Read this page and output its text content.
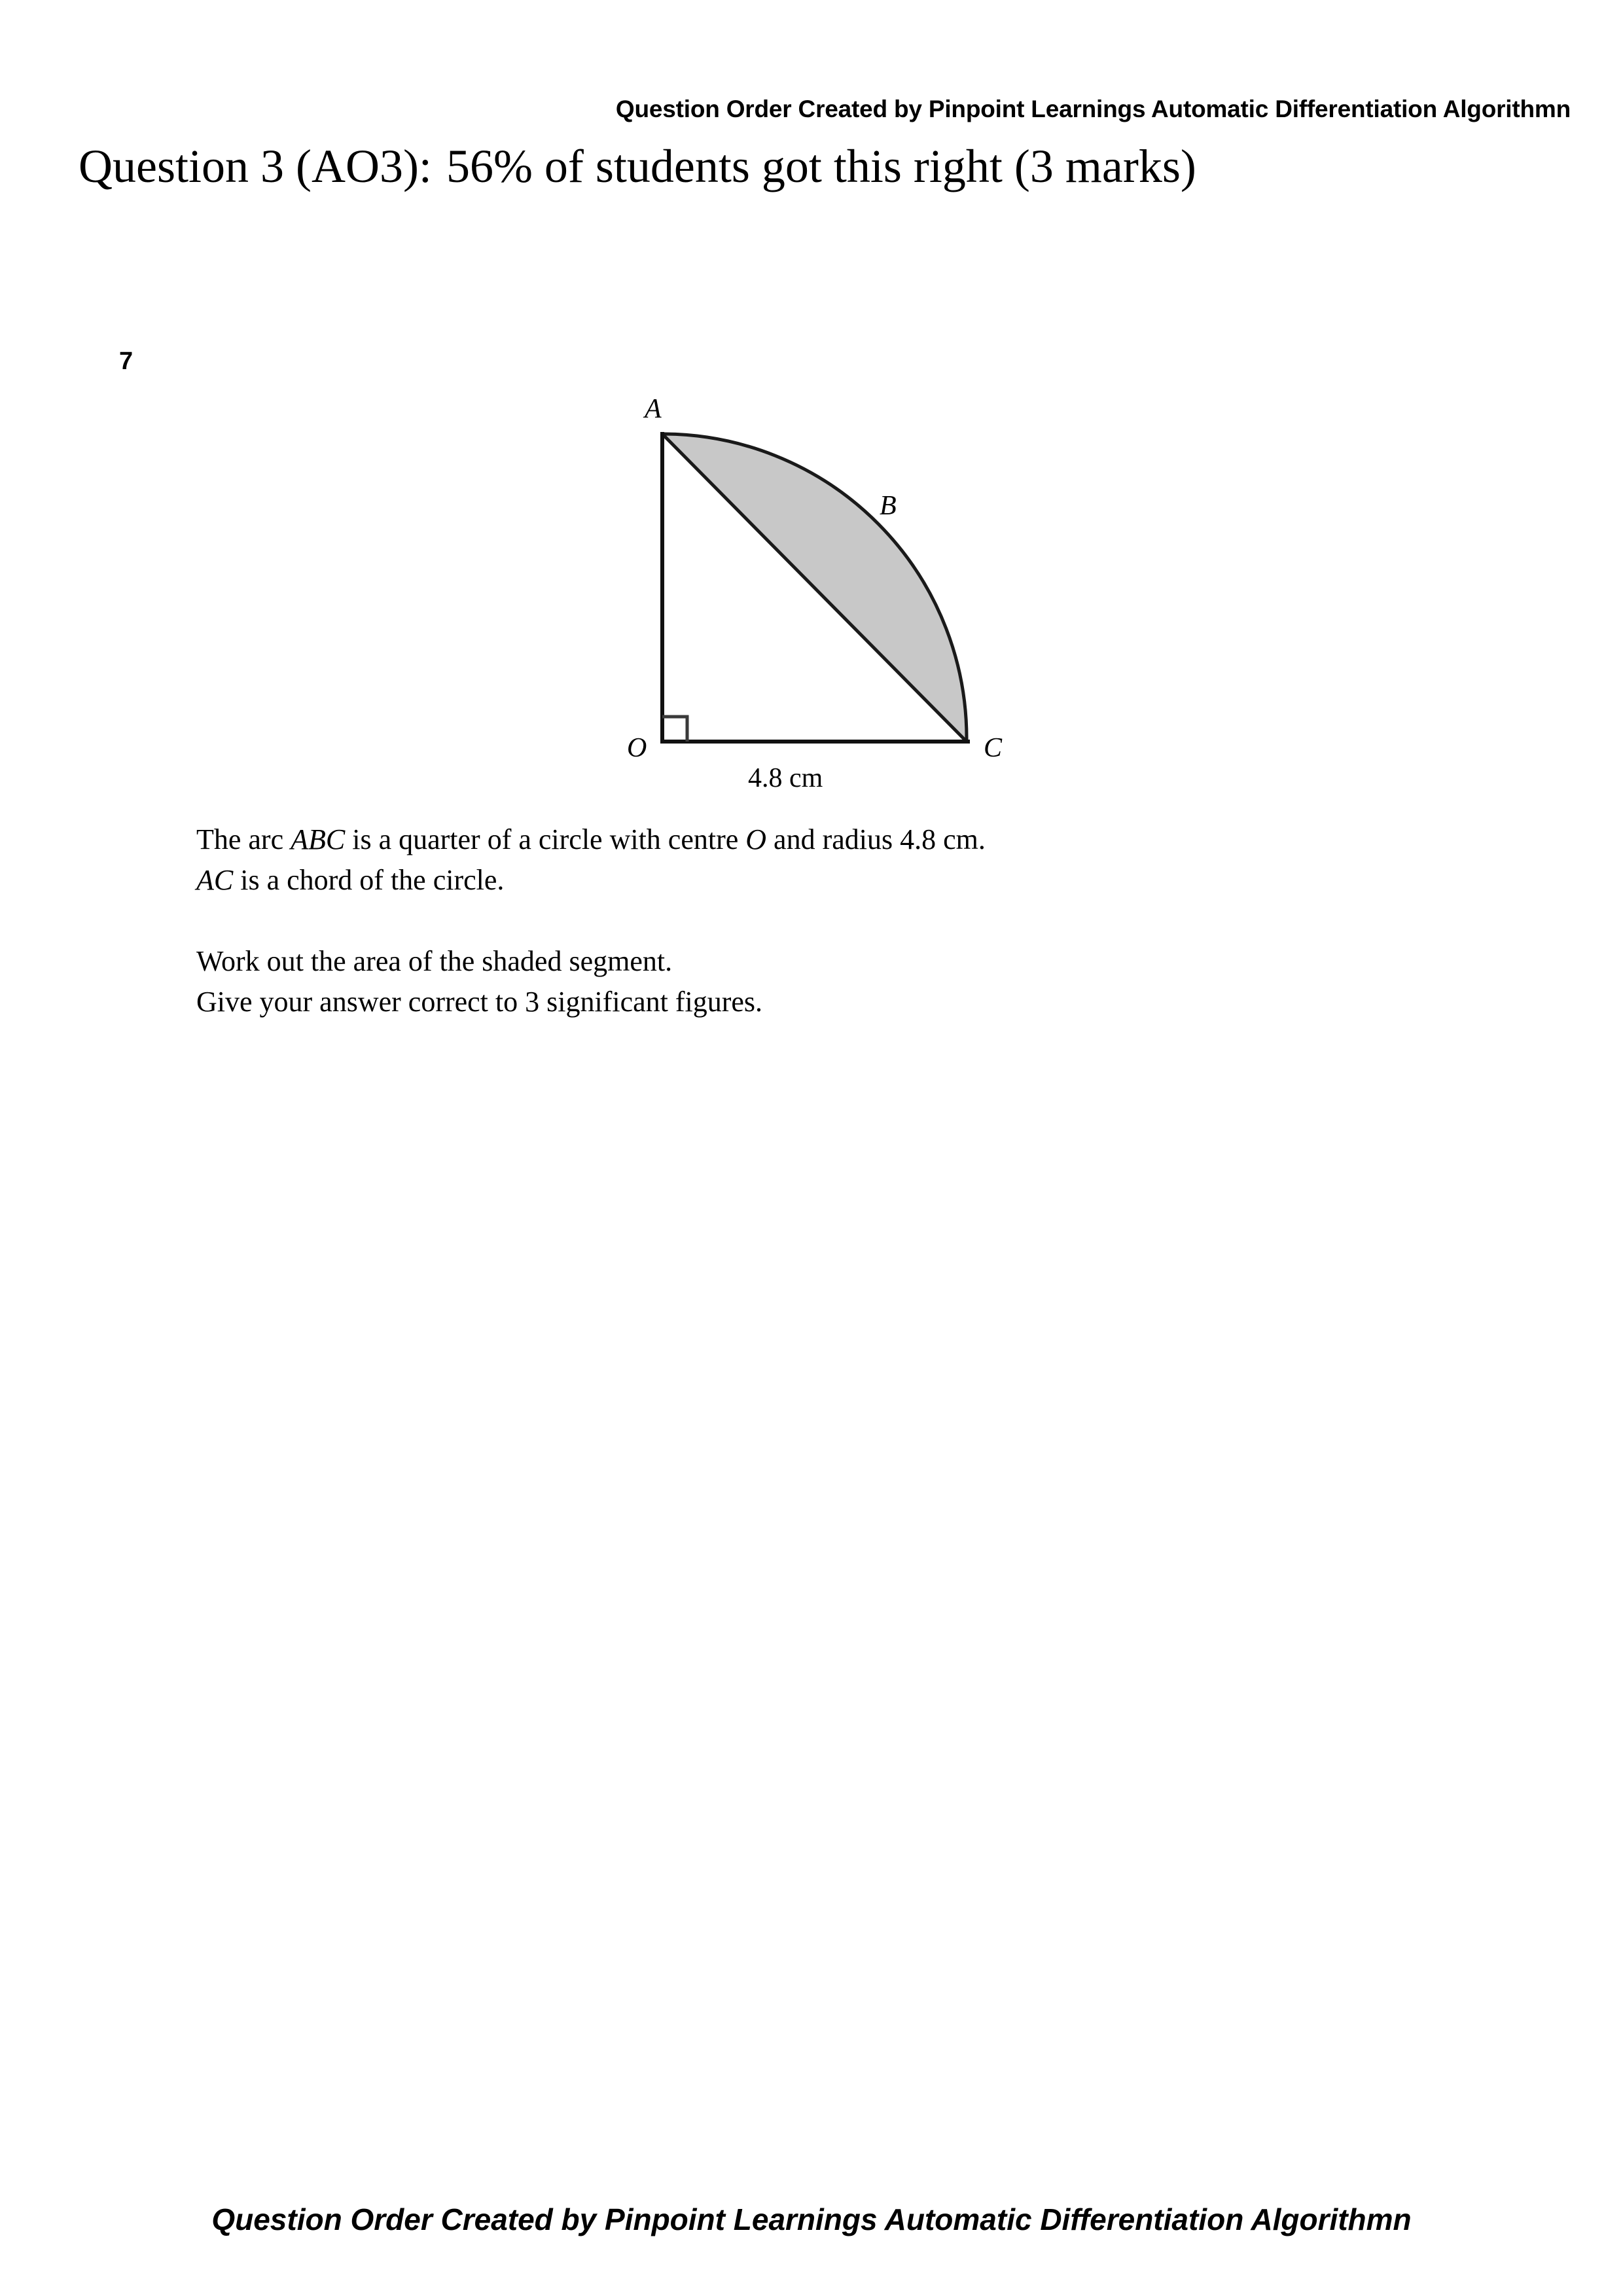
Question Order Created by Pinpoint Learnings Automatic Differentiation Algorithmn
Question 3 (AO3): 56% of students got this right (3 marks)
7
A
B
C
O
4.8 cm
The arc ABC is a quarter of a circle with centre O and radius 4.8 cm.
AC is a chord of the circle.
Work out the area of the shaded segment.
Give your answer correct to 3 significant figures.
Question Order Created by Pinpoint Learnings Automatic Differentiation Algorithmn
